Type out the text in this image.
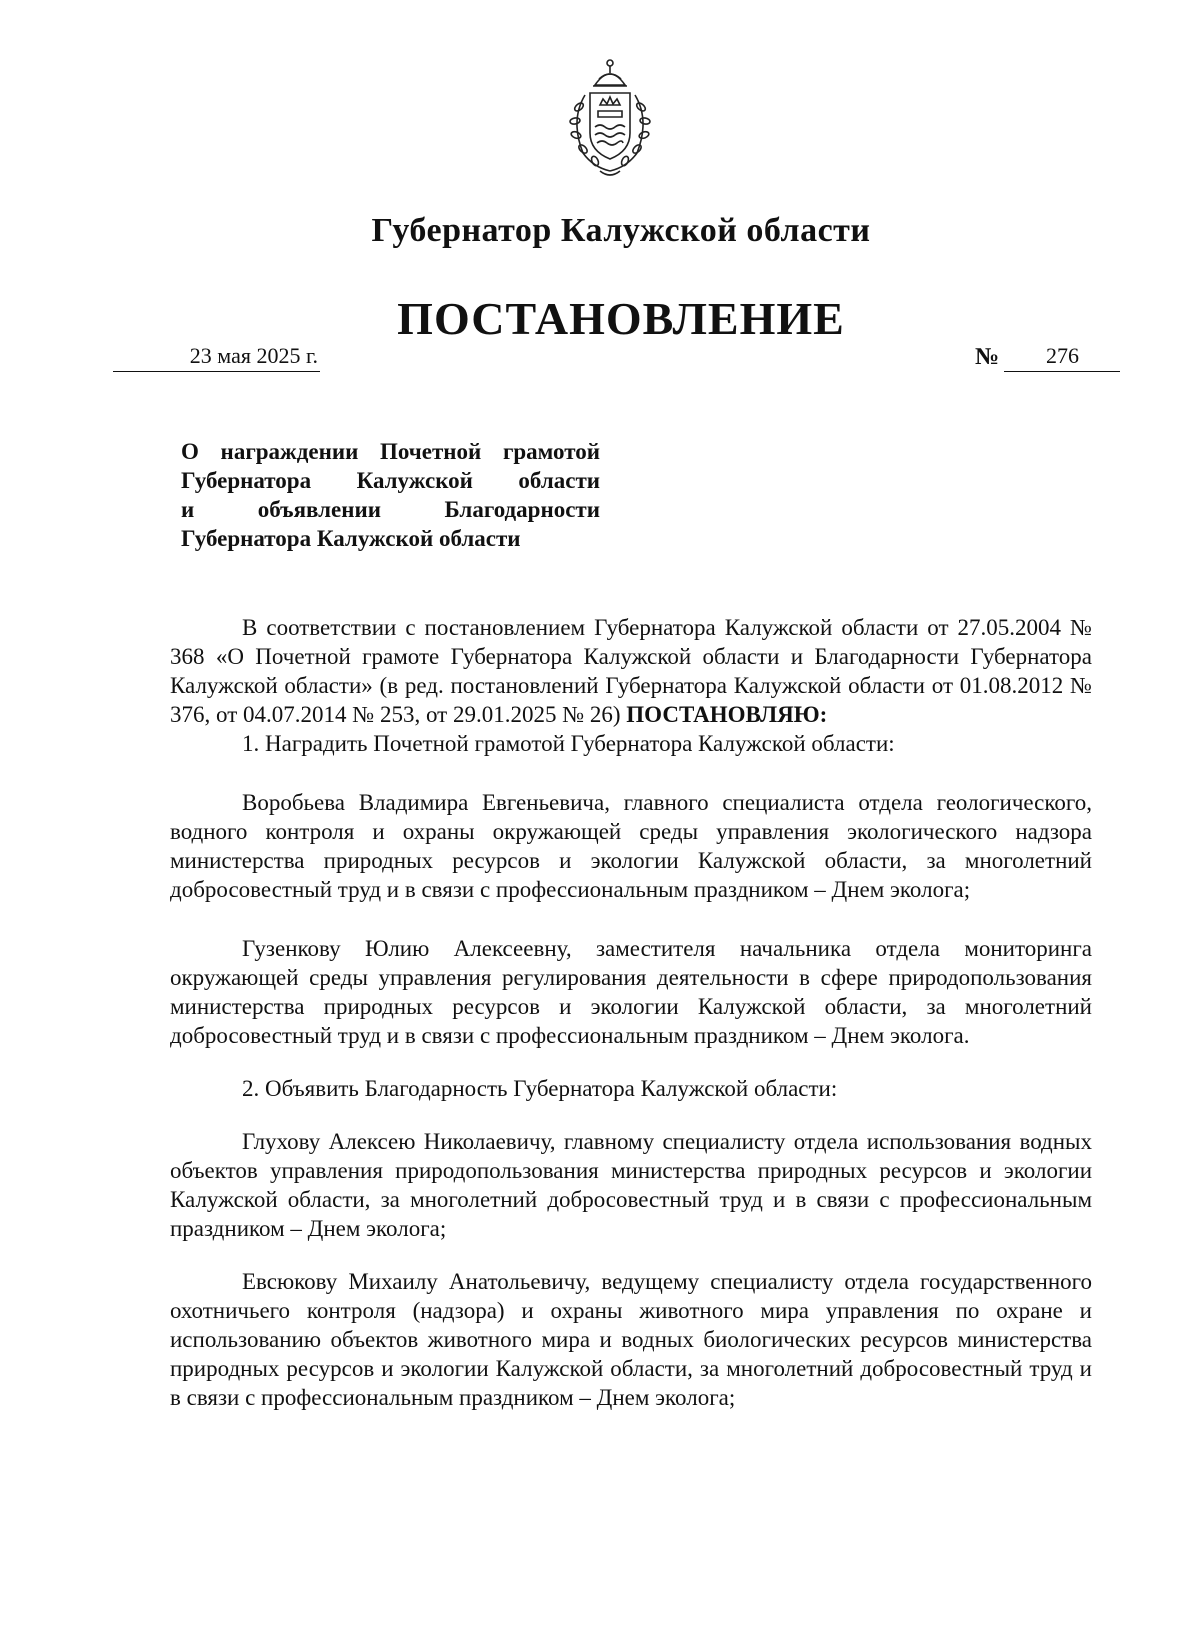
Губернатор Калужской области
ПОСТАНОВЛЕНИЕ
23 мая 2025 г.	№	276
О награждении Почетной грамотой
Губернатора Калужской области
и объявлении Благодарности
Губернатора Калужской области

В соответствии с постановлением Губернатора Калужской области от 27.05.2004 № 368 «О Почетной грамоте Губернатора Калужской области и Благодарности Губернатора Калужской области» (в ред. постановлений Губернатора Калужской области от 01.08.2012 № 376, от 04.07.2014 № 253, от 29.01.2025 № 26) ПОСТАНОВЛЯЮ:

1. Наградить Почетной грамотой Губернатора Калужской области:

Воробьева Владимира Евгеньевича, главного специалиста отдела геологического, водного контроля и охраны окружающей среды управления экологического надзора министерства природных ресурсов и экологии Калужской области, за многолетний добросовестный труд и в связи с профессиональным праздником – Днем эколога;

Гузенкову Юлию Алексеевну, заместителя начальника отдела мониторинга окружающей среды управления регулирования деятельности в сфере природопользования министерства природных ресурсов и экологии Калужской области, за многолетний добросовестный труд и в связи с профессиональным праздником – Днем эколога.

2. Объявить Благодарность Губернатора Калужской области:

Глухову Алексею Николаевичу, главному специалисту отдела использования водных объектов управления природопользования министерства природных ресурсов и экологии Калужской области, за многолетний добросовестный труд и в связи с профессиональным праздником – Днем эколога;

Евсюкову Михаилу Анатольевичу, ведущему специалисту отдела государственного охотничьего контроля (надзора) и охраны животного мира управления по охране и использованию объектов животного мира и водных биологических ресурсов министерства природных ресурсов и экологии Калужской области, за многолетний добросовестный труд и в связи с профессиональным праздником – Днем эколога;
